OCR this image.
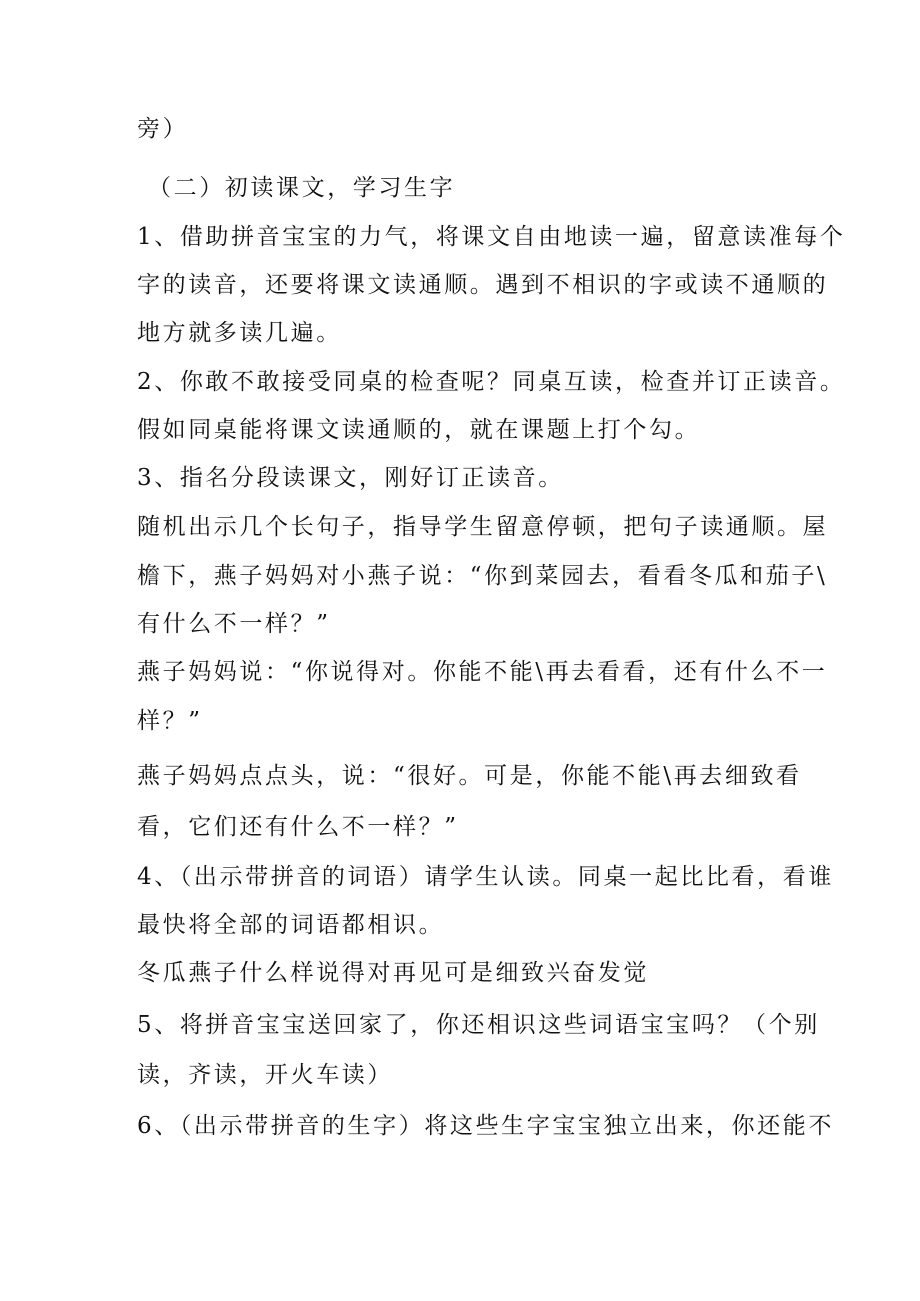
旁）
（二）初读课文，学习生字
1、借助拼音宝宝的力气，将课文自由地读一遍，留意读准每个
字的读音，还要将课文读通顺。遇到不相识的字或读不通顺的
地方就多读几遍。
2、你敢不敢接受同桌的检查呢？同桌互读，检查并订正读音。
假如同桌能将课文读通顺的，就在课题上打个勾。
3、指名分段读课文，刚好订正读音。
随机出示几个长句子，指导学生留意停顿，把句子读通顺。屋
檐下，燕子妈妈对小燕子说：“你到菜园去，看看冬瓜和茄子\
有什么不一样？”
燕子妈妈说：“你说得对。你能不能\再去看看，还有什么不一
样？”
燕子妈妈点点头，说：“很好。可是，你能不能\再去细致看
看，它们还有什么不一样？”
4、（出示带拼音的词语）请学生认读。同桌一起比比看，看谁
最快将全部的词语都相识。
冬瓜燕子什么样说得对再见可是细致兴奋发觉
5、将拼音宝宝送回家了，你还相识这些词语宝宝吗？（个别
读，齐读，开火车读）
6、（出示带拼音的生字）将这些生字宝宝独立出来，你还能不
